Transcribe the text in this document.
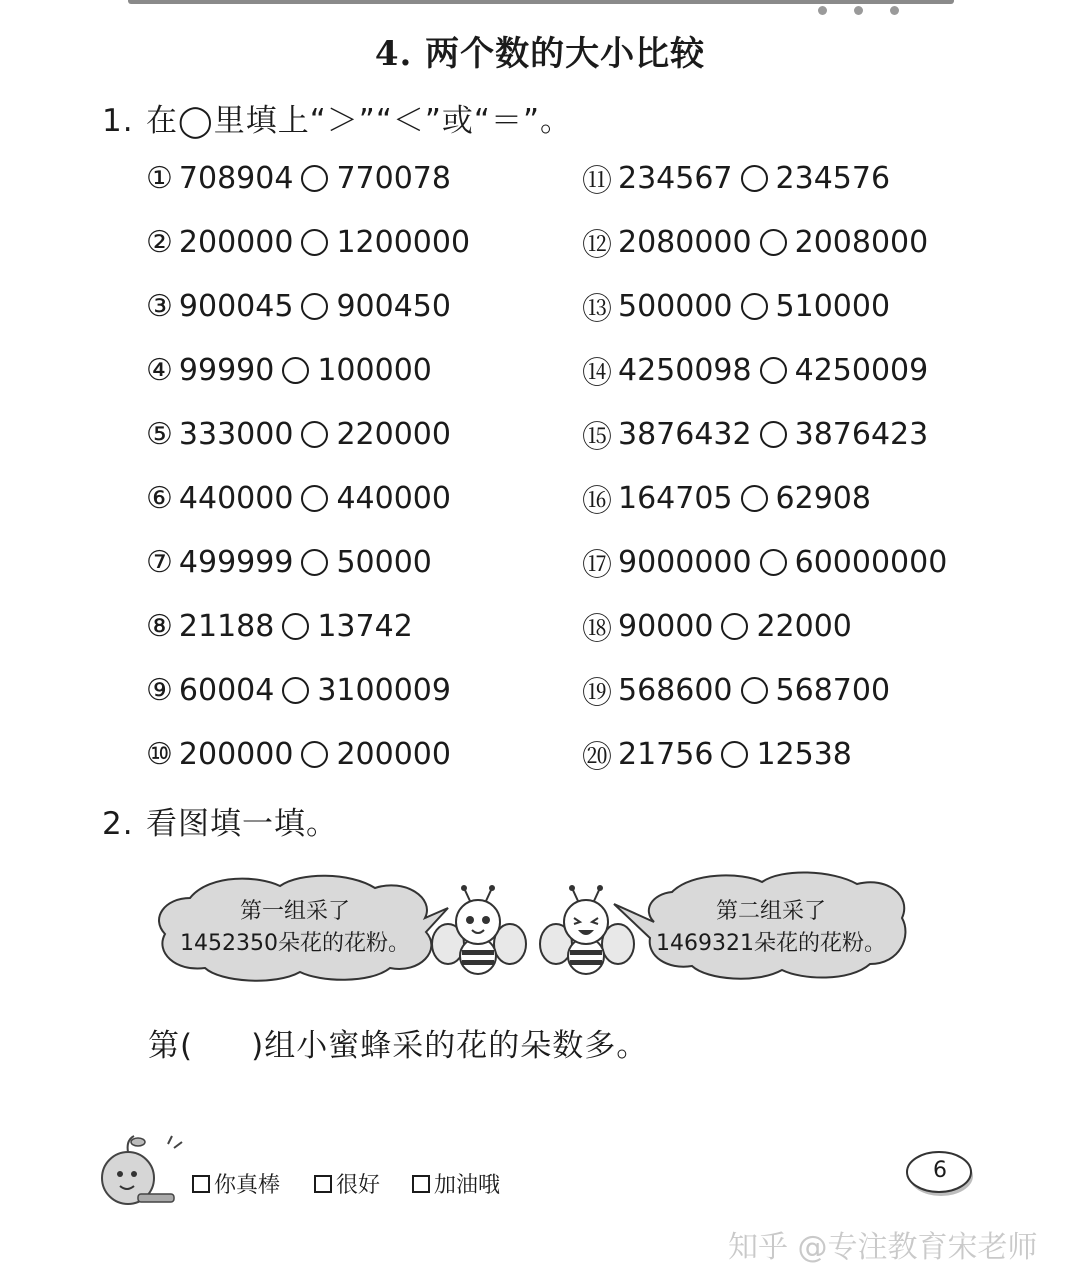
4. 两个数的大小比较
1. 在◯里填上“＞”“＜”或“＝”。
① 708904 770078
② 200000 1200000
③ 900045 900450
④ 99990 100000
⑤ 333000 220000
⑥ 440000 440000
⑦ 499999 50000
⑧ 21188 13742
⑨ 60004 3100009
⑩ 200000 200000
⑪ 234567 234576
⑫ 2080000 2008000
⑬ 500000 510000
⑭ 4250098 4250009
⑮ 3876432 3876423
⑯ 164705 62908
⑰ 9000000 60000000
⑱ 90000 22000
⑲ 568600 568700
⑳ 21756 12538
2. 看图填一填。
第一组采了
1452350朵花的花粉。
第二组采了
1469321朵花的花粉。
第( )组小蜜蜂采的花的朵数多。
你真棒	很好 加油哦
6
知乎 @专注教育宋老师
